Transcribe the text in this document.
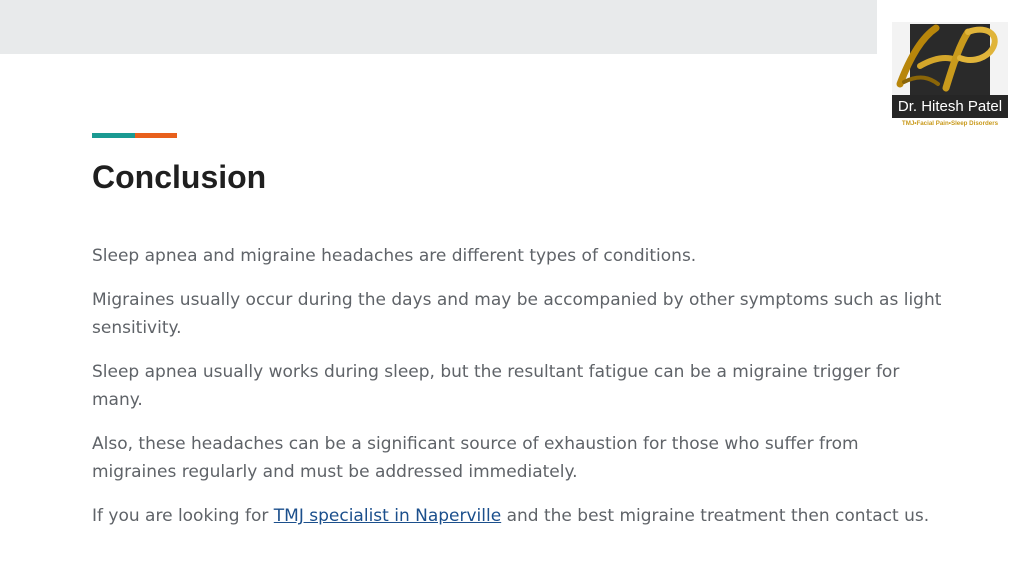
Dr. Hitesh Patel
TMJ•Facial Pain•Sleep Disorders
Conclusion

Sleep apnea and migraine headaches are different types of conditions.

Migraines usually occur during the days and may be accompanied by other symptoms such as light sensitivity.

Sleep apnea usually works during sleep, but the resultant fatigue can be a migraine trigger for many.

Also, these headaches can be a significant source of exhaustion for those who suffer from migraines regularly and must be addressed immediately.

If you are looking for TMJ specialist in Naperville and the best migraine treatment then contact us.
